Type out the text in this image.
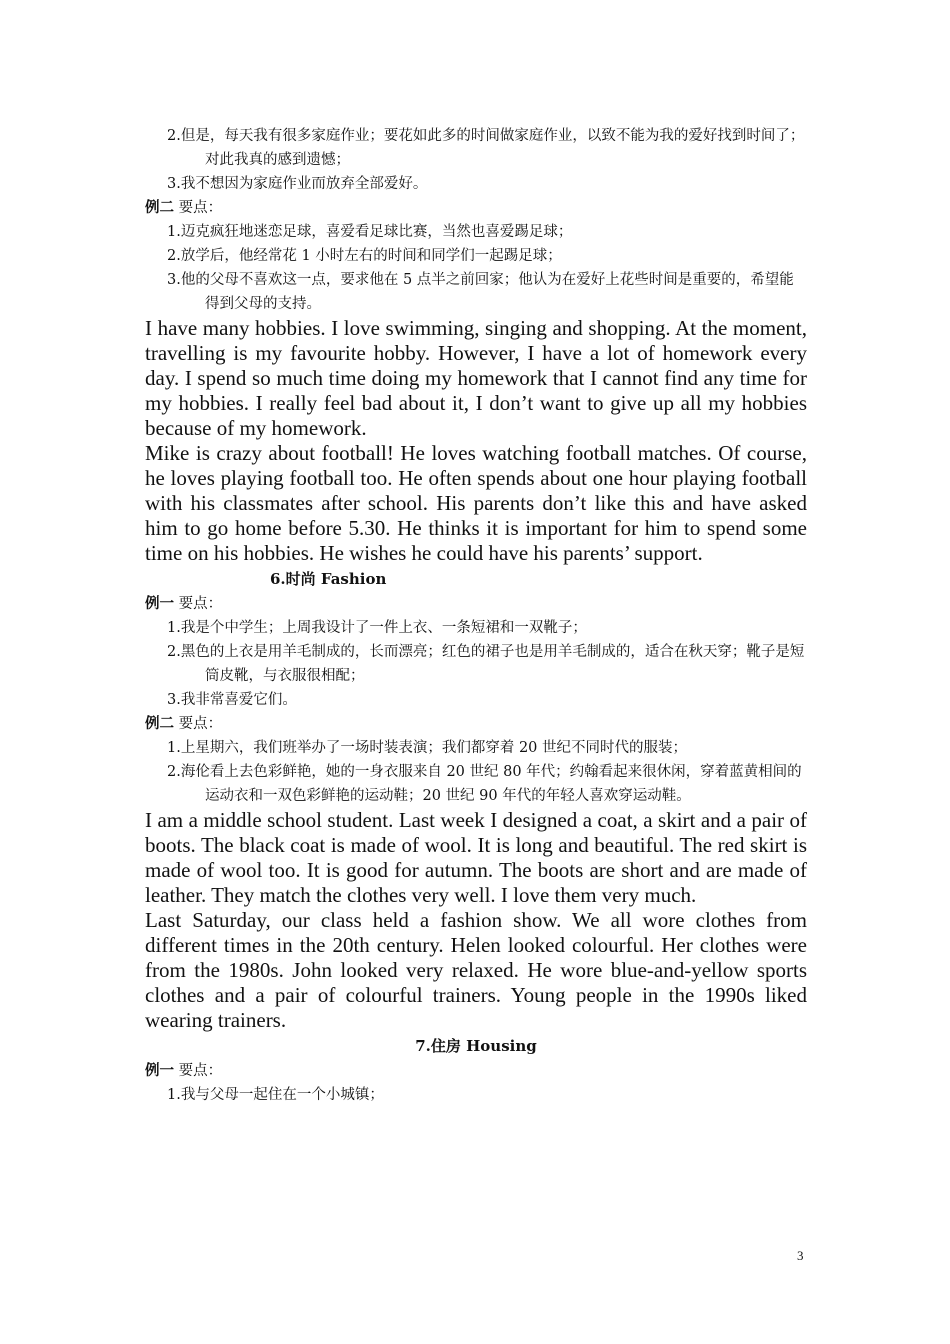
2.但是，每天我有很多家庭作业；要花如此多的时间做家庭作业，以致不能为我的爱好找到时间了；对此我真的感到遗憾；
3.我不想因为家庭作业而放弃全部爱好。
例二 要点：
1.迈克疯狂地迷恋足球，喜爱看足球比赛，当然也喜爱踢足球；
2.放学后，他经常花 1 小时左右的时间和同学们一起踢足球；
3.他的父母不喜欢这一点，要求他在 5 点半之前回家；他认为在爱好上花些时间是重要的，希望能得到父母的支持。
I have many hobbies. I love swimming, singing and shopping. At the moment, travelling is my favourite hobby. However, I have a lot of homework every day. I spend so much time doing my homework that I cannot find any time for my hobbies. I really feel bad about it, I don’t want to give up all my hobbies because of my homework.
Mike is crazy about football! He loves watching football matches. Of course, he loves playing football too. He often spends about one hour playing football with his classmates after school. His parents don’t like this and have asked him to go home before 5.30. He thinks it is important for him to spend some time on his hobbies. He wishes he could have his parents’ support.
6.时尚 Fashion
例一 要点：
1.我是个中学生；上周我设计了一件上衣、一条短裙和一双靴子；
2.黑色的上衣是用羊毛制成的，长而漂亮；红色的裙子也是用羊毛制成的，适合在秋天穿；靴子是短筒皮靴，与衣服很相配；
3.我非常喜爱它们。
例二 要点：
1.上星期六，我们班举办了一场时装表演；我们都穿着 20 世纪不同时代的服装；
2.海伦看上去色彩鲜艳，她的一身衣服来自 20 世纪 80 年代；约翰看起来很休闲，穿着蓝黄相间的运动衣和一双色彩鲜艳的运动鞋；20 世纪 90 年代的年轻人喜欢穿运动鞋。
I am a middle school student. Last week I designed a coat, a skirt and a pair of boots. The black coat is made of wool. It is long and beautiful. The red skirt is made of wool too. It is good for autumn. The boots are short and are made of leather. They match the clothes very well. I love them very much.
Last Saturday, our class held a fashion show. We all wore clothes from different times in the 20th century. Helen looked colourful. Her clothes were from the 1980s. John looked very relaxed. He wore blue-and-yellow sports clothes and a pair of colourful trainers. Young people in the 1990s liked wearing trainers.
7.住房 Housing
例一 要点：
1.我与父母一起住在一个小城镇；
3
